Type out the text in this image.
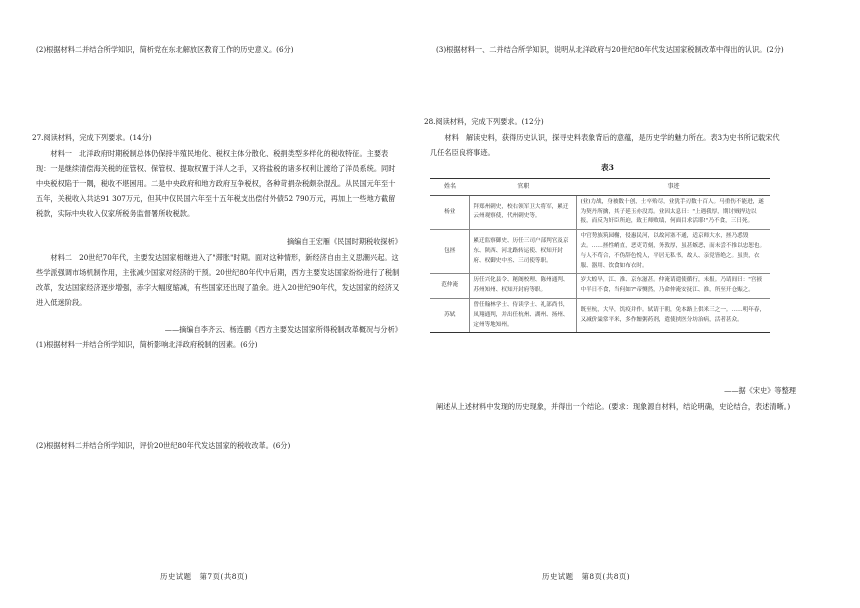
(2)根据材料二并结合所学知识，简析党在东北解放区教育工作的历史意义。(6分)
27.阅读材料，完成下列要求。(14分)
材料一　北洋政府时期税制总体仍保持半殖民地化、税权主体分散化、税捐类型多样化的税收特征。主要表现：一是继续清偿海关税的征管权、保管权、提取权置于洋人之手，又将盐税的诸多权利让渡给了洋员系统。同时中央税权陷于一隅，税收不堪困用。二是中央政府和地方政府互争税权，各种苛捐杂税颇杂混乱。从民国元年至十五年，关税收入共达91 307万元，但其中仅民国六年至十五年税支出偿付外债52 790万元，再加上一些地方截留税款，实际中央收入仅家所税务监督署所收税款。
摘编自王宏雁《民国时期税收探析》
材料二　20世纪70年代，主要发达国家相继进入了"滞胀"时期。面对这种情形，新经济自由主义思潮兴起。这些学派强调市场机制作用，主张减少国家对经济的干预。20世纪80年代中后期，西方主要发达国家纷纷进行了税制改革，发达国家经济逐步增强，赤字大幅度缩减，有些国家还出现了盈余。进入20世纪90年代，发达国家的经济又进入低迷阶段。
——摘编自李齐云、杨连鹏《西方主要发达国家所得税制改革概况与分析》
(1)根据材料一并结合所学知识，简析影响北洋政府税制的因素。(6分)
(2)根据材料二并结合所学知识，评价20世纪80年代发达国家的税收改革。(6分)
历史试题　第7页(共8页)
(3)根据材料一、二并结合所学知识，说明从北洋政府与20世纪80年代发达国家税制改革中得出的认识。(2分)
28.阅读材料，完成下列要求。(12分)
材料　解读史料，获得历史认识，探寻史料表象背后的意蕴，是历史学的魅力所在。表3为史书所记载宋代几任名臣良将事迹。
表3
姓名	官职	事迹
杨业	拜郑州刺史，校右领军卫大将军，累迁云州观察使，代州刺史等。	(业)力战，身被数十创，士卒殆尽，业犹手刃数十百人。马重伤不能进，遂为契丹所擒，其子延玉亦没焉。业因太息曰："上遇我厚，期讨贼捍边以报，而反为奸臣所迫，致王师败绩，何面目求活耶!"乃不食，三日死。
包拯	累迁监察御史、历任三司户部判官及京东、陕西、河北路转运使、权知开封府、权御史中丞、三司使等职。	中官势族筑园榭，侵惠民河，以故河塞不通，适京师大水，拯乃悉毁去。……拯性峭直，恶吏苛刻，务敦厚，虽甚嫉恶，而未尝不推以忠恕也。与人不苟合，不伪辞色悦人，平居无私书，故人、亲党皆绝之。虽贵，衣服、器用、饮食如布衣时。
范仲淹	历任兴化县令、秘阁校理、陈州通判、苏州知州、权知开封府等职。	岁大蝗旱，江、淮、京东滋甚。仲淹请遣使循行，未报。乃请间曰："宫掖中半日不食，当何如?"帝恻然，乃命仲淹安抚江、淮，所至开仓赈之。
苏轼	曾任翰林学士、侍读学士、礼部尚书，凤翔通判，并出任杭州、湖州、扬州、定州等地知州。	既至杭，大旱，饥疫并作。轼请于朝，免本路上供米三之一。……明年春，又减价粜常平米，多作饘粥药剂，遣使挟医分坊治病，活者甚众。
——据《宋史》等整理
阐述从上述材料中发现的历史现象，并得出一个结论。(要求：现象源自材料，结论明确，史论结合，表述清晰。)
历史试题　第8页(共8页)
